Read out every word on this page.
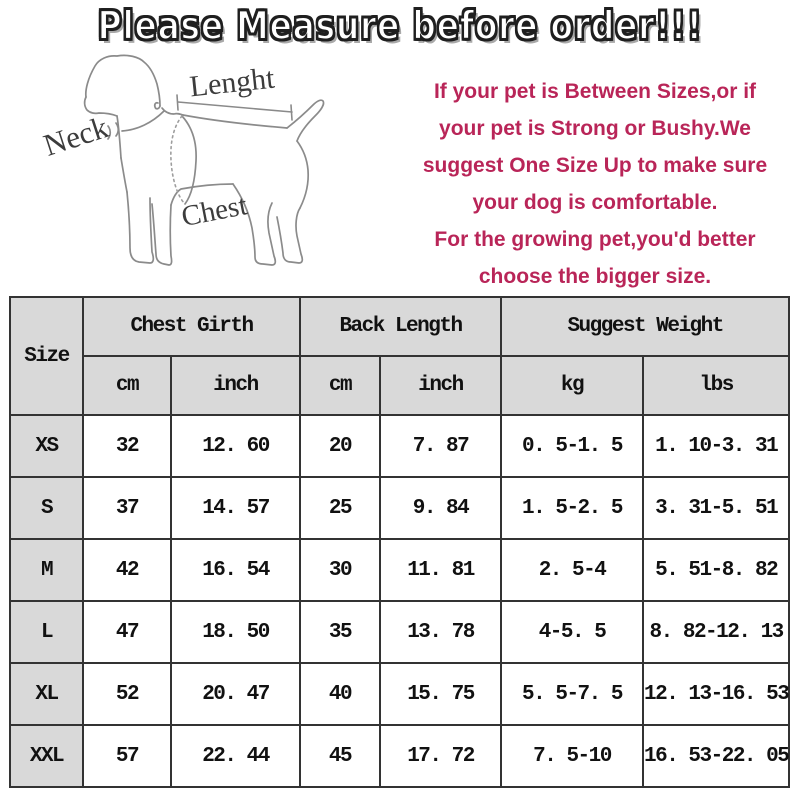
Please Measure before order!!!
Lenght
Neck
Chest
If your pet is Between Sizes,or if
your pet is Strong or Bushy.We
suggest One Size Up to make sure
your dog is comfortable.
For the growing pet,you'd better
choose the bigger size.
Size	Chest Girth		Back Length		Suggest Weight	
	cm	inch	cm	inch	kg	lbs
XS	32	12. 60	20	7. 87	0. 5-1. 5	1. 10-3. 31
S	37	14. 57	25	9. 84	1. 5-2. 5	3. 31-5. 51
M	42	16. 54	30	11. 81	2. 5-4	5. 51-8. 82
L	47	18. 50	35	13. 78	4-5. 5	8. 82-12. 13
XL	52	20. 47	40	15. 75	5. 5-7. 5	12. 13-16. 53
XXL	57	22. 44	45	17. 72	7. 5-10	16. 53-22. 05
